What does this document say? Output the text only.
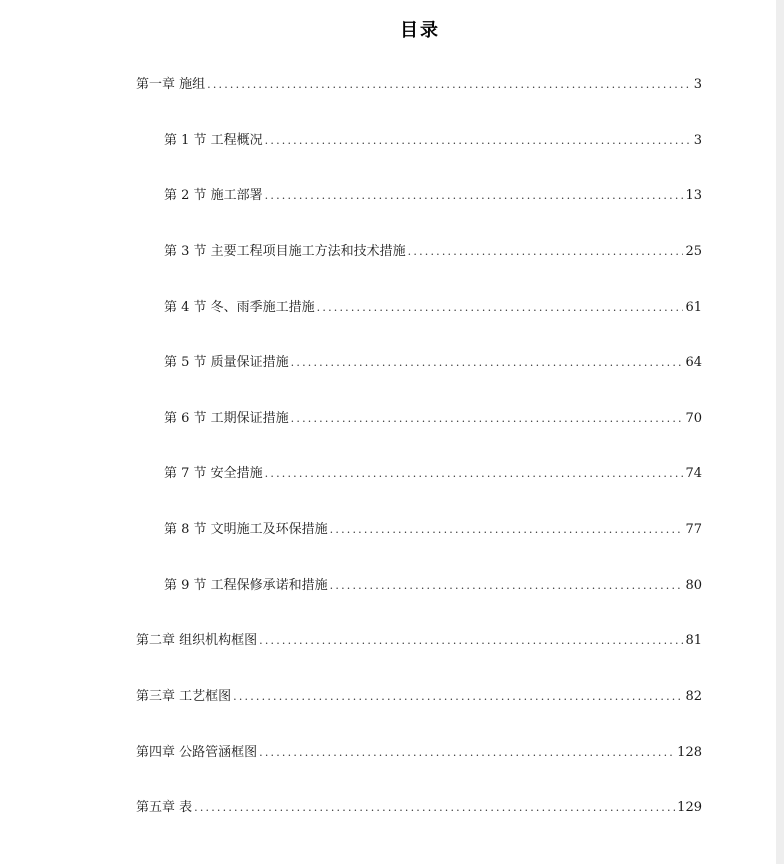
目录
第一章 施组 .....	3
第 1 节 工程概况 .....	3
第 2 节 施工部署 .....	13
第 3 节 主要工程项目施工方法和技术措施 .....	25
第 4 节 冬、雨季施工措施 .....	61
第 5 节 质量保证措施 .....	64
第 6 节 工期保证措施 .....	70
第 7 节 安全措施 .....	74
第 8 节 文明施工及环保措施 .....	77
第 9 节 工程保修承诺和措施 .....	80
第二章 组织机构框图 .....	81
第三章 工艺框图 .....	82
第四章 公路管涵框图 .....	128
第五章 表 .....	129
